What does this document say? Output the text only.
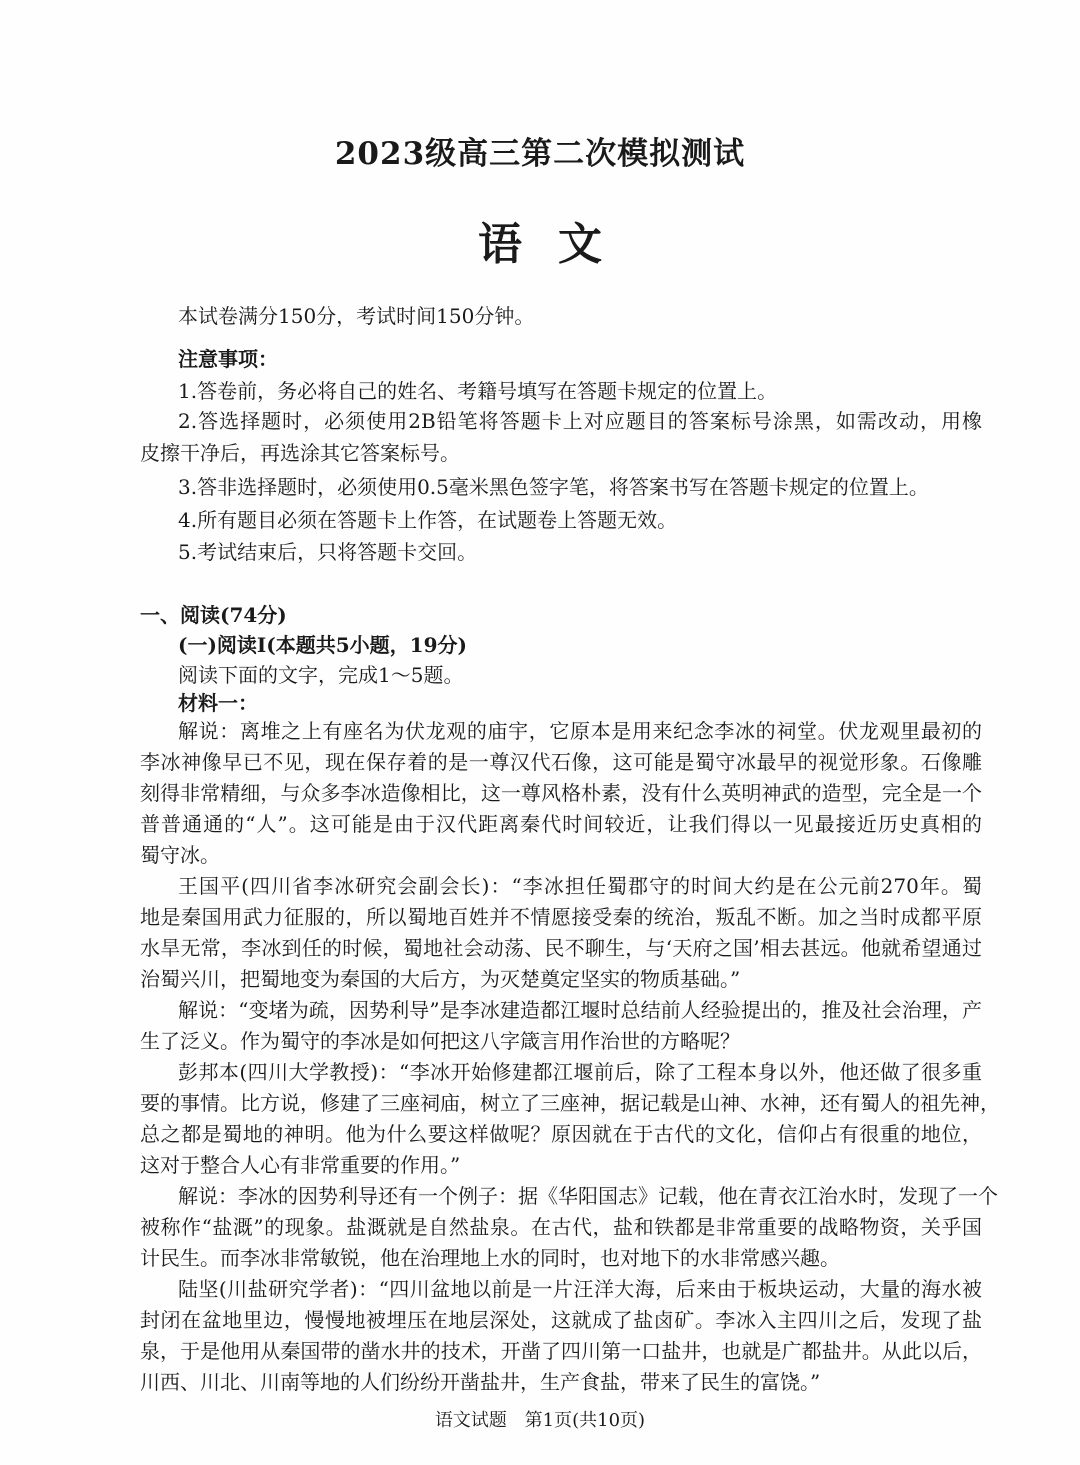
2023级高三第二次模拟测试
语文
本试卷满分150分，考试时间150分钟。
注意事项：
1.答卷前，务必将自己的姓名、考籍号填写在答题卡规定的位置上。
2.答选择题时，必须使用2B铅笔将答题卡上对应题目的答案标号涂黑，如需改动，用橡
皮擦干净后，再选涂其它答案标号。
3.答非选择题时，必须使用0.5毫米黑色签字笔，将答案书写在答题卡规定的位置上。
4.所有题目必须在答题卡上作答，在试题卷上答题无效。
5.考试结束后，只将答题卡交回。
一、阅读(74分)
(一)阅读Ⅰ(本题共5小题，19分)
阅读下面的文字，完成1～5题。
材料一：
解说：离堆之上有座名为伏龙观的庙宇，它原本是用来纪念李冰的祠堂。伏龙观里最初的
李冰神像早已不见，现在保存着的是一尊汉代石像，这可能是蜀守冰最早的视觉形象。石像雕
刻得非常精细，与众多李冰造像相比，这一尊风格朴素，没有什么英明神武的造型，完全是一个
普普通通的“人”。这可能是由于汉代距离秦代时间较近，让我们得以一见最接近历史真相的
蜀守冰。
王国平(四川省李冰研究会副会长)：“李冰担任蜀郡守的时间大约是在公元前270年。蜀
地是秦国用武力征服的，所以蜀地百姓并不情愿接受秦的统治，叛乱不断。加之当时成都平原
水旱无常，李冰到任的时候，蜀地社会动荡、民不聊生，与‘天府之国’相去甚远。他就希望通过
治蜀兴川，把蜀地变为秦国的大后方，为灭楚奠定坚实的物质基础。”
解说：“变堵为疏，因势利导”是李冰建造都江堰时总结前人经验提出的，推及社会治理，产
生了泛义。作为蜀守的李冰是如何把这八字箴言用作治世的方略呢？
彭邦本(四川大学教授)：“李冰开始修建都江堰前后，除了工程本身以外，他还做了很多重
要的事情。比方说，修建了三座祠庙，树立了三座神，据记载是山神、水神，还有蜀人的祖先神，
总之都是蜀地的神明。他为什么要这样做呢？原因就在于古代的文化，信仰占有很重的地位，
这对于整合人心有非常重要的作用。”
解说：李冰的因势利导还有一个例子：据《华阳国志》记载，他在青衣江治水时，发现了一个
被称作“盐溉”的现象。盐溉就是自然盐泉。在古代，盐和铁都是非常重要的战略物资，关乎国
计民生。而李冰非常敏锐，他在治理地上水的同时，也对地下的水非常感兴趣。
陆坚(川盐研究学者)：“四川盆地以前是一片汪洋大海，后来由于板块运动，大量的海水被
封闭在盆地里边，慢慢地被埋压在地层深处，这就成了盐卤矿。李冰入主四川之后，发现了盐
泉，于是他用从秦国带的凿水井的技术，开凿了四川第一口盐井，也就是广都盐井。从此以后，
川西、川北、川南等地的人们纷纷开凿盐井，生产食盐，带来了民生的富饶。”
语文试题 第1页(共10页)
